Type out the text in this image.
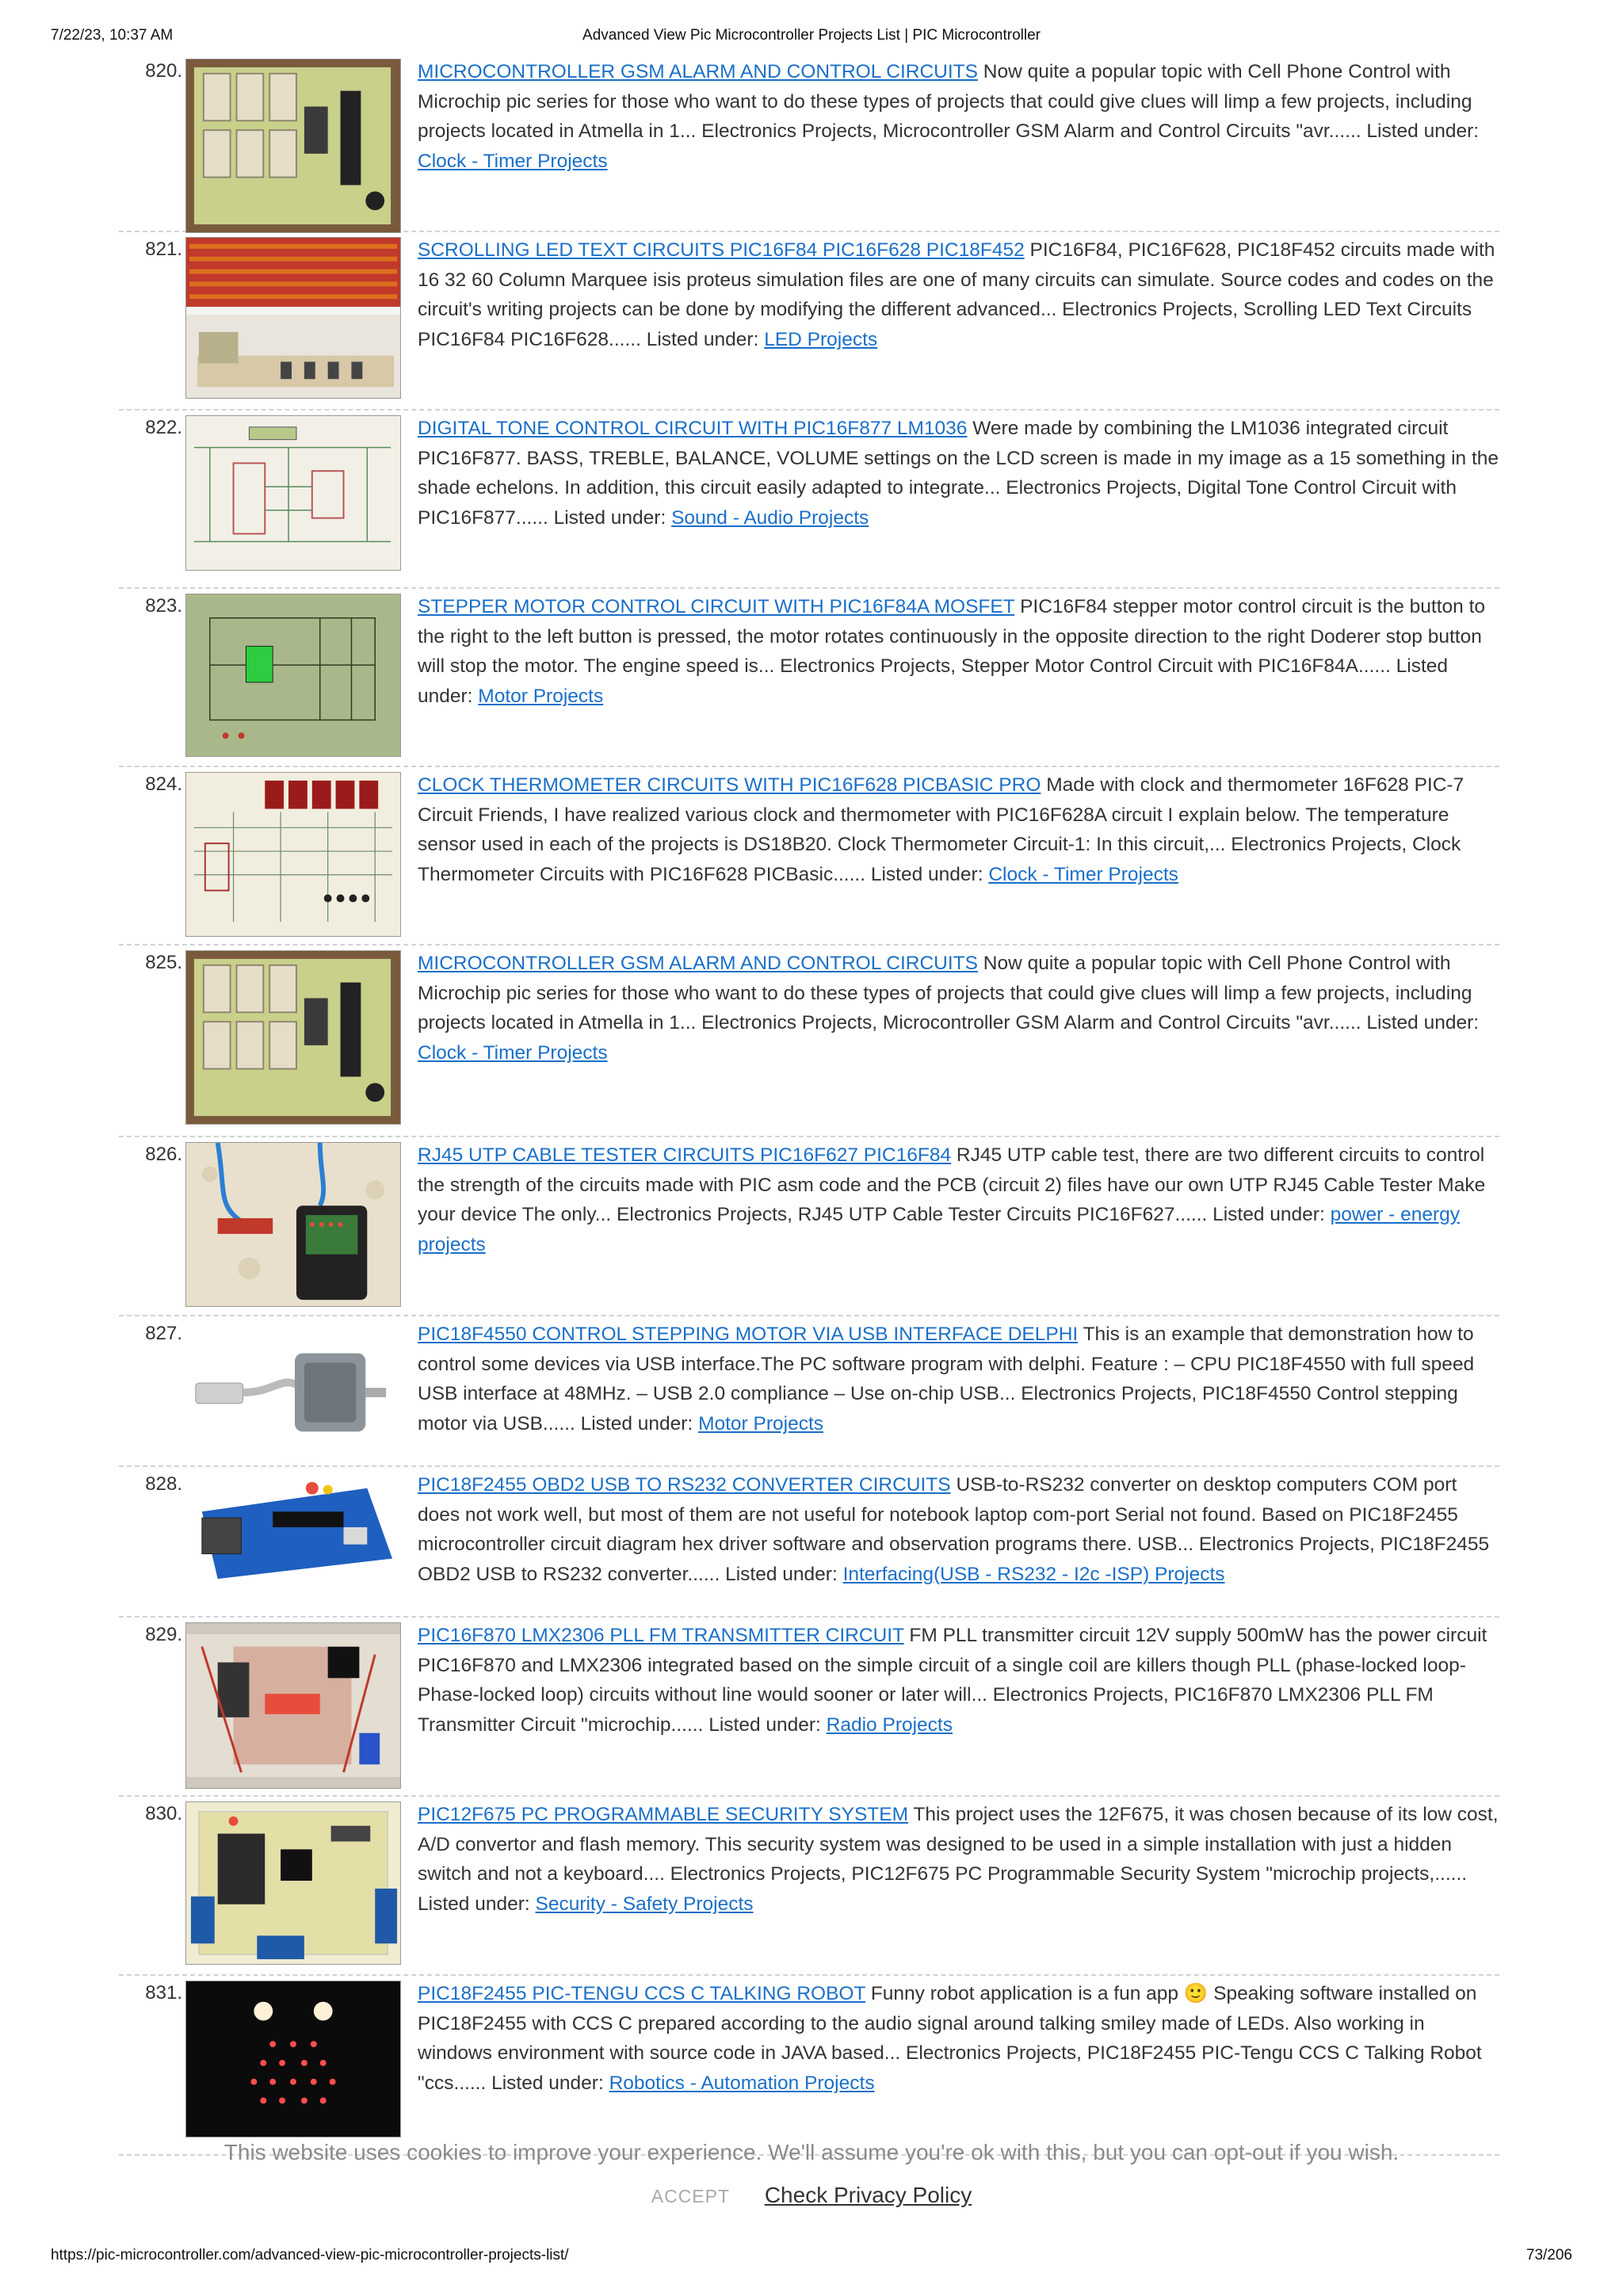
7/22/23, 10:37 AM	Advanced View Pic Microcontroller Projects List | PIC Microcontroller
820.	MICROCONTROLLER GSM ALARM AND CONTROL CIRCUITS Now quite a popular topic with Cell Phone Control with Microchip pic series for those who want to do these types of projects that could give clues will limp a few projects, including projects located in Atmella in 1... Electronics Projects, Microcontroller GSM Alarm and Control Circuits "avr...... Listed under: Clock - Timer Projects
821.	SCROLLING LED TEXT CIRCUITS PIC16F84 PIC16F628 PIC18F452 PIC16F84, PIC16F628, PIC18F452 circuits made with 16 32 60 Column Marquee isis proteus simulation files are one of many circuits can simulate. Source codes and codes on the circuit's writing projects can be done by modifying the different advanced... Electronics Projects, Scrolling LED Text Circuits PIC16F84 PIC16F628...... Listed under: LED Projects
822.	DIGITAL TONE CONTROL CIRCUIT WITH PIC16F877 LM1036 Were made by combining the LM1036 integrated circuit PIC16F877. BASS, TREBLE, BALANCE, VOLUME settings on the LCD screen is made in my image as a 15 something in the shade echelons. In addition, this circuit easily adapted to integrate... Electronics Projects, Digital Tone Control Circuit with PIC16F877...... Listed under: Sound - Audio Projects
823.	STEPPER MOTOR CONTROL CIRCUIT WITH PIC16F84A MOSFET PIC16F84 stepper motor control circuit is the button to the right to the left button is pressed, the motor rotates continuously in the opposite direction to the right Doderer stop button will stop the motor. The engine speed is... Electronics Projects, Stepper Motor Control Circuit with PIC16F84A...... Listed under: Motor Projects
824.	CLOCK THERMOMETER CIRCUITS WITH PIC16F628 PICBASIC PRO Made with clock and thermometer 16F628 PIC-7 Circuit Friends, I have realized various clock and thermometer with PIC16F628A circuit I explain below. The temperature sensor used in each of the projects is DS18B20. Clock Thermometer Circuit-1: In this circuit,... Electronics Projects, Clock Thermometer Circuits with PIC16F628 PICBasic...... Listed under: Clock - Timer Projects
825.	MICROCONTROLLER GSM ALARM AND CONTROL CIRCUITS Now quite a popular topic with Cell Phone Control with Microchip pic series for those who want to do these types of projects that could give clues will limp a few projects, including projects located in Atmella in 1... Electronics Projects, Microcontroller GSM Alarm and Control Circuits "avr...... Listed under: Clock - Timer Projects
826.	RJ45 UTP CABLE TESTER CIRCUITS PIC16F627 PIC16F84 RJ45 UTP cable test, there are two different circuits to control the strength of the circuits made with PIC asm code and the PCB (circuit 2) files have our own UTP RJ45 Cable Tester Make your device The only... Electronics Projects, RJ45 UTP Cable Tester Circuits PIC16F627...... Listed under: power - energy projects
827.	PIC18F4550 CONTROL STEPPING MOTOR VIA USB INTERFACE DELPHI This is an example that demonstration how to control some devices via USB interface.The PC software program with delphi. Feature : – CPU PIC18F4550 with full speed USB interface at 48MHz. – USB 2.0 compliance – Use on-chip USB... Electronics Projects, PIC18F4550 Control stepping motor via USB...... Listed under: Motor Projects
828.	PIC18F2455 OBD2 USB TO RS232 CONVERTER CIRCUITS USB-to-RS232 converter on desktop computers COM port does not work well, but most of them are not useful for notebook laptop com-port Serial not found. Based on PIC18F2455 microcontroller circuit diagram hex driver software and observation programs there. USB... Electronics Projects, PIC18F2455 OBD2 USB to RS232 converter...... Listed under: Interfacing(USB - RS232 - I2c -ISP) Projects
829.	PIC16F870 LMX2306 PLL FM TRANSMITTER CIRCUIT FM PLL transmitter circuit 12V supply 500mW has the power circuit PIC16F870 and LMX2306 integrated based on the simple circuit of a single coil are killers though PLL (phase-locked loop-Phase-locked loop) circuits without line would sooner or later will... Electronics Projects, PIC16F870 LMX2306 PLL FM Transmitter Circuit "microchip...... Listed under: Radio Projects
830.	PIC12F675 PC PROGRAMMABLE SECURITY SYSTEM This project uses the 12F675, it was chosen because of its low cost, A/D convertor and flash memory. This security system was designed to be used in a simple installation with just a hidden switch and not a keyboard.... Electronics Projects, PIC12F675 PC Programmable Security System "microchip projects,...... Listed under: Security - Safety Projects
831.	PIC18F2455 PIC-TENGU CCS C TALKING ROBOT Funny robot application is a fun app 🙂 Speaking software installed on PIC18F2455 with CCS C prepared according to the audio signal around talking smiley made of LEDs. Also working in windows environment with source code in JAVA based... Electronics Projects, PIC18F2455 PIC-Tengu CCS C Talking Robot "ccs...... Listed under: Robotics - Automation Projects
This website uses cookies to improve your experience. We'll assume you're ok with this, but you can opt-out if you wish.
ACCEPT Check Privacy Policy
https://pic-microcontroller.com/advanced-view-pic-microcontroller-projects-list/	73/206
